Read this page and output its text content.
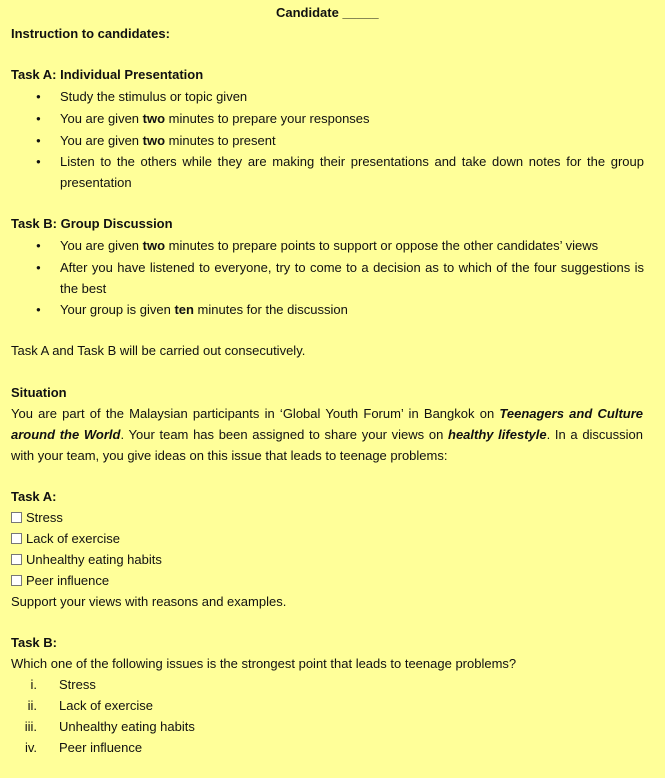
Candidate _____
Instruction to candidates:
Task A: Individual Presentation
●
Study the stimulus or topic given
●
You are given two minutes to prepare your responses
●
You are given two minutes to present
●
Listen to the others while they are making their presentations and take down notes for the group presentation
Task B: Group Discussion
●
You are given two minutes to prepare points to support or oppose the other candidates’ views
●
After you have listened to everyone, try to come to a decision as to which of the four suggestions is the best
●
Your group is given ten minutes for the discussion
Task A and Task B will be carried out consecutively.
Situation
You are part of the Malaysian participants in ‘Global Youth Forum’ in Bangkok on Teenagers and Culture around the World. Your team has been assigned to share your views on healthy lifestyle. In a discussion with your team, you give ideas on this issue that leads to teenage problems:
Task A:
Stress
Lack of exercise
Unhealthy eating habits
Peer influence
Support your views with reasons and examples.
Task B:
Which one of the following issues is the strongest point that leads to teenage problems?
i. Stress
ii. Lack of exercise
iii. Unhealthy eating habits
iv. Peer influence
